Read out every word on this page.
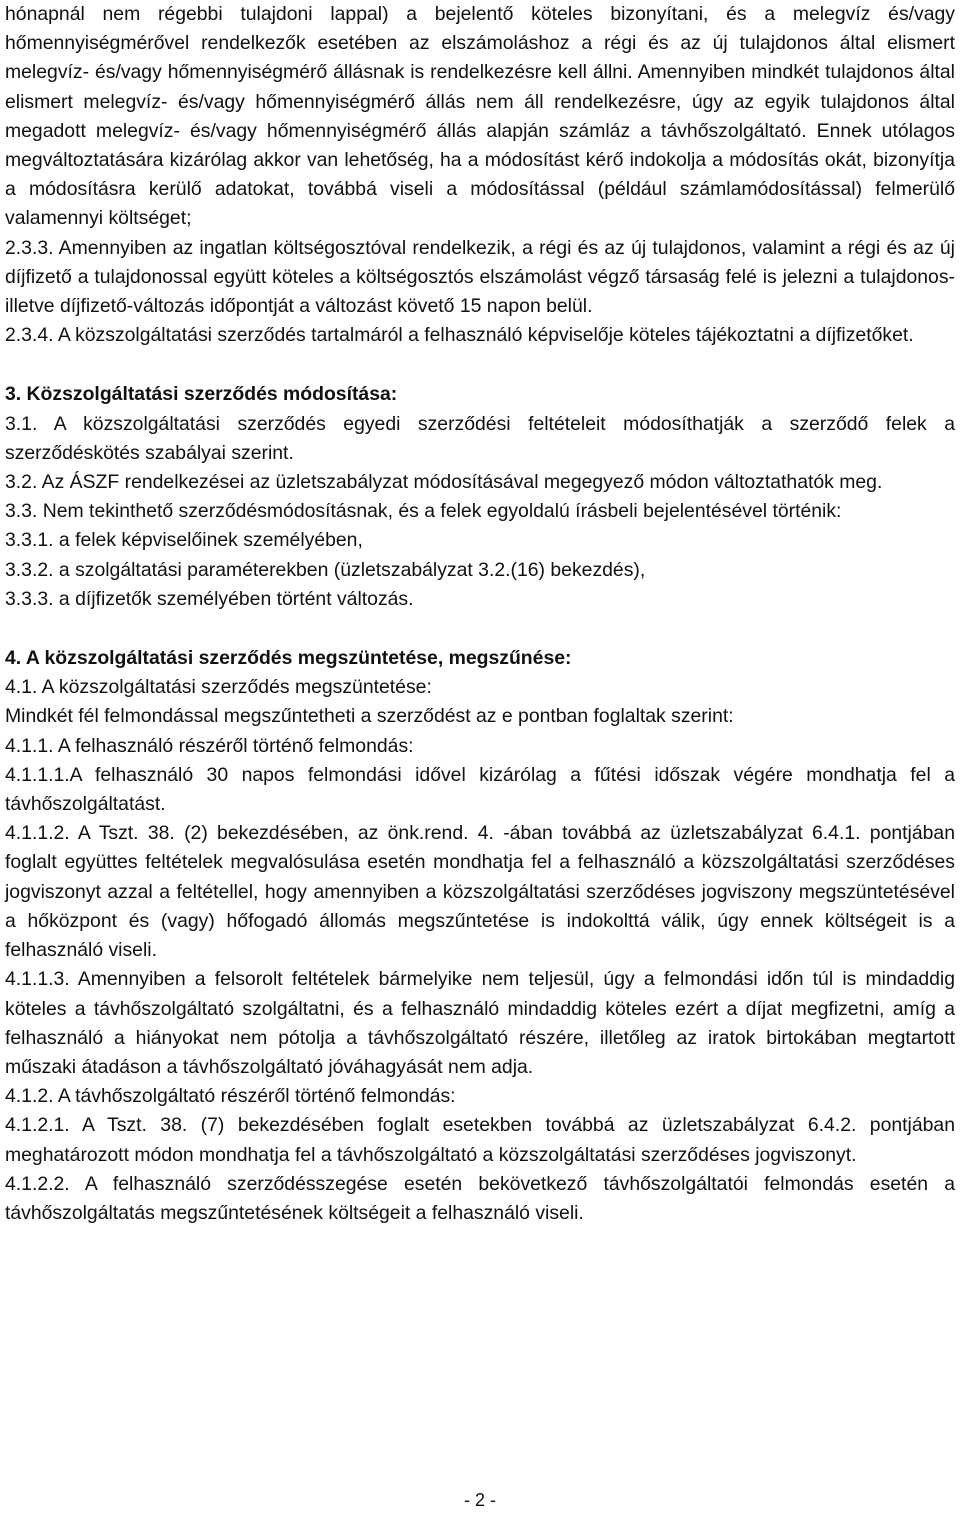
hónapnál nem régebbi tulajdoni lappal) a bejelentő köteles bizonyítani, és a melegvíz és/vagy hőmennyiségmérővel rendelkezők esetében az elszámoláshoz a régi és az új tulajdonos által elismert melegvíz- és/vagy hőmennyiségmérő állásnak is rendelkezésre kell állni. Amennyiben mindkét tulajdonos által elismert melegvíz- és/vagy hőmennyiségmérő állás nem áll rendelkezésre, úgy az egyik tulajdonos által megadott melegvíz- és/vagy hőmennyiségmérő állás alapján számláz a távhőszolgáltató. Ennek utólagos megváltoztatására kizárólag akkor van lehetőség, ha a módosítást kérő indokolja a módosítás okát, bizonyítja a módosításra kerülő adatokat, továbbá viseli a módosítással (például számlamódosítással) felmerülő valamennyi költséget;

2.3.3. Amennyiben az ingatlan költségosztóval rendelkezik, a régi és az új tulajdonos, valamint a régi és az új díjfizető a tulajdonossal együtt köteles a költségosztós elszámolást végző társaság felé is jelezni a tulajdonos- illetve díjfizető-változás időpontját a változást követő 15 napon belül.

2.3.4. A közszolgáltatási szerződés tartalmáról a felhasználó képviselője köteles tájékoztatni a díjfizetőket.

3. Közszolgáltatási szerződés módosítása:

3.1. A közszolgáltatási szerződés egyedi szerződési feltételeit módosíthatják a szerződő felek a szerződéskötés szabályai szerint.

3.2. Az ÁSZF rendelkezései az üzletszabályzat módosításával megegyező módon változtathatók meg.

3.3. Nem tekinthető szerződésmódosításnak, és a felek egyoldalú írásbeli bejelentésével történik:

3.3.1. a felek képviselőinek személyében,

3.3.2. a szolgáltatási paraméterekben (üzletszabályzat 3.2.(16) bekezdés),

3.3.3. a díjfizetők személyében történt változás.

4. A közszolgáltatási szerződés megszüntetése, megszűnése:

4.1. A közszolgáltatási szerződés megszüntetése:

Mindkét fél felmondással megszűntetheti a szerződést az e pontban foglaltak szerint:

4.1.1. A felhasználó részéről történő felmondás:

4.1.1.1.A felhasználó 30 napos felmondási idővel kizárólag a fűtési időszak végére mondhatja fel a távhőszolgáltatást.

4.1.1.2. A Tszt. 38. (2) bekezdésében, az önk.rend. 4. -ában továbbá az üzletszabályzat 6.4.1. pontjában foglalt együttes feltételek megvalósulása esetén mondhatja fel a felhasználó a közszolgáltatási szerződéses jogviszonyt azzal a feltétellel, hogy amennyiben a közszolgáltatási szerződéses jogviszony megszüntetésével a hőközpont és (vagy) hőfogadó állomás megszűntetése is indokolttá válik, úgy ennek költségeit is a felhasználó viseli.

4.1.1.3. Amennyiben a felsorolt feltételek bármelyike nem teljesül, úgy a felmondási időn túl is mindaddig köteles a távhőszolgáltató szolgáltatni, és a felhasználó mindaddig köteles ezért a díjat megfizetni, amíg a felhasználó a hiányokat nem pótolja a távhőszolgáltató részére, illetőleg az iratok birtokában megtartott műszaki átadáson a távhőszolgáltató jóváhagyását nem adja.

4.1.2. A távhőszolgáltató részéről történő felmondás:

4.1.2.1. A Tszt. 38. (7) bekezdésében foglalt esetekben továbbá az üzletszabályzat 6.4.2. pontjában meghatározott módon mondhatja fel a távhőszolgáltató a közszolgáltatási szerződéses jogviszonyt.

4.1.2.2. A felhasználó szerződésszegése esetén bekövetkező távhőszolgáltatói felmondás esetén a távhőszolgáltatás megszűntetésének költségeit a felhasználó viseli.

- 2 -
